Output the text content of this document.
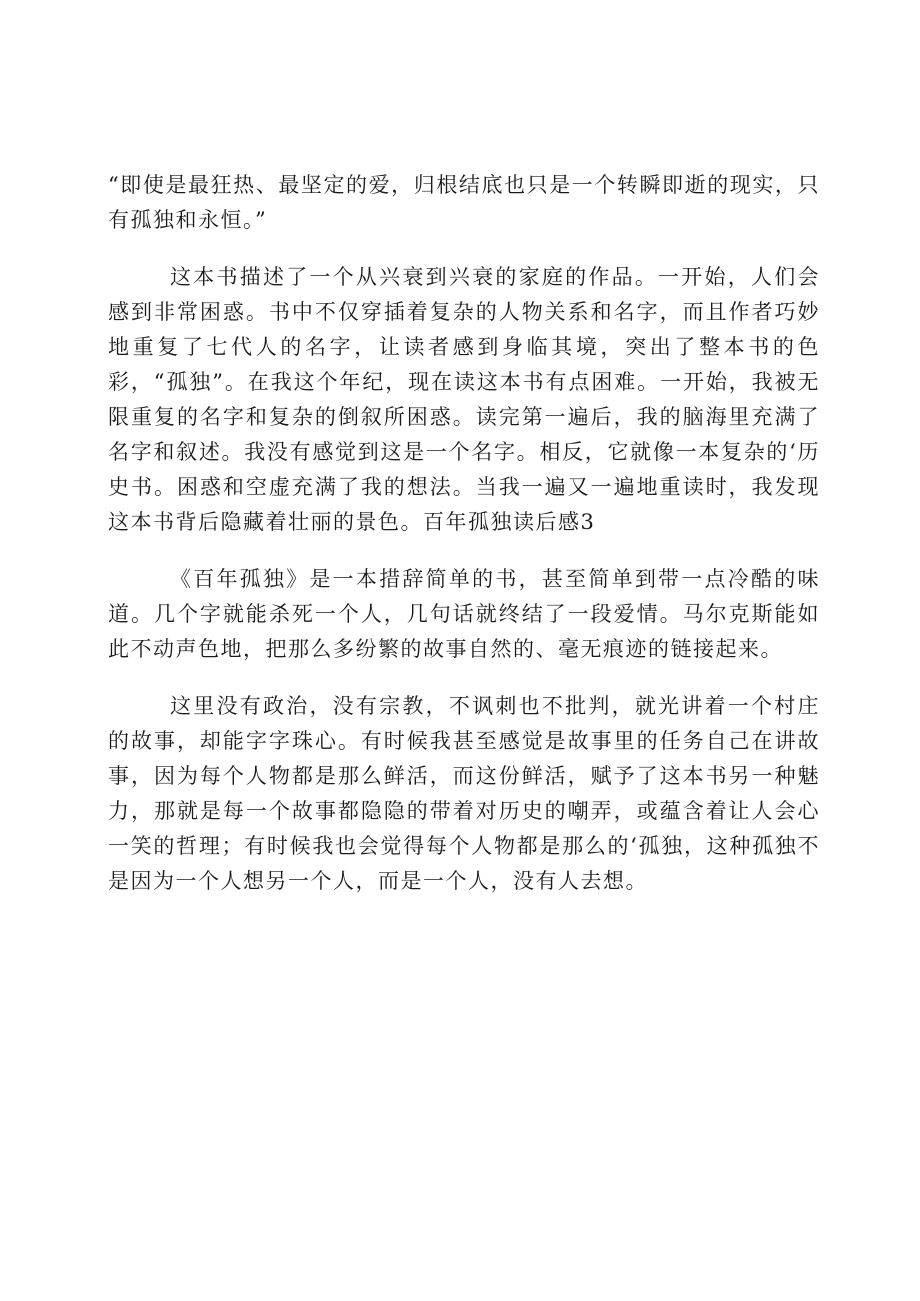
“即使是最狂热、最坚定的爱，归根结底也只是一个转瞬即逝的现实，只有孤独和永恒。”

这本书描述了一个从兴衰到兴衰的家庭的作品。一开始，人们会感到非常困惑。书中不仅穿插着复杂的人物关系和名字，而且作者巧妙地重复了七代人的名字，让读者感到身临其境，突出了整本书的色彩，“孤独”。在我这个年纪，现在读这本书有点困难。一开始，我被无限重复的名字和复杂的倒叙所困惑。读完第一遍后，我的脑海里充满了名字和叙述。我没有感觉到这是一个名字。相反，它就像一本复杂的‘历史书。困惑和空虚充满了我的想法。当我一遍又一遍地重读时，我发现这本书背后隐藏着壮丽的景色。百年孤独读后感3

《百年孤独》是一本措辞简单的书，甚至简单到带一点冷酷的味道。几个字就能杀死一个人，几句话就终结了一段爱情。马尔克斯能如此不动声色地，把那么多纷繁的故事自然的、毫无痕迹的链接起来。

这里没有政治，没有宗教，不讽刺也不批判，就光讲着一个村庄的故事，却能字字珠心。有时候我甚至感觉是故事里的任务自己在讲故事，因为每个人物都是那么鲜活，而这份鲜活，赋予了这本书另一种魅力，那就是每一个故事都隐隐的带着对历史的嘲弄，或蕴含着让人会心一笑的哲理；有时候我也会觉得每个人物都是那么的‘孤独，这种孤独不是因为一个人想另一个人，而是一个人，没有人去想。
